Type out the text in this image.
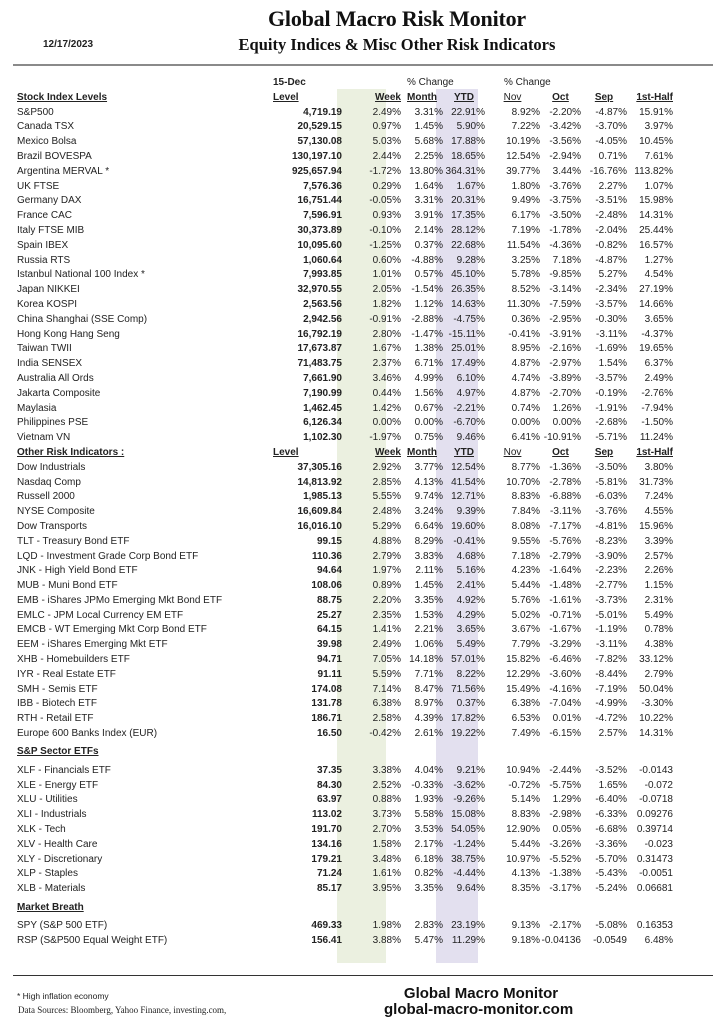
Global Macro Risk Monitor
12/17/2023	Equity Indices & Misc Other Risk Indicators
	15-Dec		% Change		% Change			
Stock Index Levels	Level	Week	Month	YTD	Nov	Oct	Sep	1st-Half
S&P500	4,719.19	2.49%	3.31%	22.91%	8.92%	-2.20%	-4.87%	15.91%
Canada TSX	20,529.15	0.97%	1.45%	5.90%	7.22%	-3.42%	-3.70%	3.97%
Mexico Bolsa	57,130.08	5.03%	5.68%	17.88%	10.19%	-3.56%	-4.05%	10.45%
Brazil BOVESPA	130,197.10	2.44%	2.25%	18.65%	12.54%	-2.94%	0.71%	7.61%
Argentina MERVAL *	925,657.94	-1.72%	13.80%	364.31%	39.77%	3.44%	-16.76%	113.82%
UK FTSE	7,576.36	0.29%	1.64%	1.67%	1.80%	-3.76%	2.27%	1.07%
Germany DAX	16,751.44	-0.05%	3.31%	20.31%	9.49%	-3.75%	-3.51%	15.98%
France CAC	7,596.91	0.93%	3.91%	17.35%	6.17%	-3.50%	-2.48%	14.31%
Italy FTSE MIB	30,373.89	-0.10%	2.14%	28.12%	7.19%	-1.78%	-2.04%	25.44%
Spain IBEX	10,095.60	-1.25%	0.37%	22.68%	11.54%	-4.36%	-0.82%	16.57%
Russia RTS	1,060.64	0.60%	-4.88%	9.28%	3.25%	7.18%	-4.87%	1.27%
Istanbul National 100 Index *	7,993.85	1.01%	0.57%	45.10%	5.78%	-9.85%	5.27%	4.54%
Japan NIKKEI	32,970.55	2.05%	-1.54%	26.35%	8.52%	-3.14%	-2.34%	27.19%
Korea KOSPI	2,563.56	1.82%	1.12%	14.63%	11.30%	-7.59%	-3.57%	14.66%
China Shanghai (SSE Comp)	2,942.56	-0.91%	-2.88%	-4.75%	0.36%	-2.95%	-0.30%	3.65%
Hong Kong Hang Seng	16,792.19	2.80%	-1.47%	-15.11%	-0.41%	-3.91%	-3.11%	-4.37%
Taiwan TWII	17,673.87	1.67%	1.38%	25.01%	8.95%	-2.16%	-1.69%	19.65%
India SENSEX	71,483.75	2.37%	6.71%	17.49%	4.87%	-2.97%	1.54%	6.37%
Australia All Ords	7,661.90	3.46%	4.99%	6.10%	4.74%	-3.89%	-3.57%	2.49%
Jakarta Composite	7,190.99	0.44%	1.56%	4.97%	4.87%	-2.70%	-0.19%	-2.76%
Maylasia	1,462.45	1.42%	0.67%	-2.21%	0.74%	1.26%	-1.91%	-7.94%
Philippines PSE	6,126.34	0.00%	0.00%	-6.70%	0.00%	0.00%	-2.68%	-1.50%
Vietnam VN	1,102.30	-1.97%	0.75%	9.46%	6.41%	-10.91%	-5.71%	11.24%
Other Risk Indicators :	Level	Week	Month	YTD	Nov	Oct	Sep	1st-Half
Dow Industrials	37,305.16	2.92%	3.77%	12.54%	8.77%	-1.36%	-3.50%	3.80%
Nasdaq Comp	14,813.92	2.85%	4.13%	41.54%	10.70%	-2.78%	-5.81%	31.73%
Russell 2000	1,985.13	5.55%	9.74%	12.71%	8.83%	-6.88%	-6.03%	7.24%
NYSE Composite	16,609.84	2.48%	3.24%	9.39%	7.84%	-3.11%	-3.76%	4.55%
Dow Transports	16,016.10	5.29%	6.64%	19.60%	8.08%	-7.17%	-4.81%	15.96%
TLT - Treasury Bond ETF	99.15	4.88%	8.29%	-0.41%	9.55%	-5.76%	-8.23%	3.39%
LQD - Investment Grade Corp Bond ETF	110.36	2.79%	3.83%	4.68%	7.18%	-2.79%	-3.90%	2.57%
JNK - High Yield Bond ETF	94.64	1.97%	2.11%	5.16%	4.23%	-1.64%	-2.23%	2.26%
MUB - Muni Bond ETF	108.06	0.89%	1.45%	2.41%	5.44%	-1.48%	-2.77%	1.15%
EMB - iShares JPMo Emerging Mkt Bond ETF	88.75	2.20%	3.35%	4.92%	5.76%	-1.61%	-3.73%	2.31%
EMLC - JPM Local Currency EM ETF	25.27	2.35%	1.53%	4.29%	5.02%	-0.71%	-5.01%	5.49%
EMCB - WT Emerging Mkt Corp Bond ETF	64.15	1.41%	2.21%	3.65%	3.67%	-1.67%	-1.19%	0.78%
EEM - iShares Emerging Mkt ETF	39.98	2.49%	1.06%	5.49%	7.79%	-3.29%	-3.11%	4.38%
XHB - Homebuilders ETF	94.71	7.05%	14.18%	57.01%	15.82%	-6.46%	-7.82%	33.12%
IYR - Real Estate ETF	91.11	5.59%	7.71%	8.22%	12.29%	-3.60%	-8.44%	2.79%
SMH - Semis ETF	174.08	7.14%	8.47%	71.56%	15.49%	-4.16%	-7.19%	50.04%
IBB - Biotech ETF	131.78	6.38%	8.97%	0.37%	6.38%	-7.04%	-4.99%	-3.30%
RTH - Retail ETF	186.71	2.58%	4.39%	17.82%	6.53%	0.01%	-4.72%	10.22%
Europe 600 Banks Index (EUR)	16.50	-0.42%	2.61%	19.22%	7.49%	-6.15%	2.57%	14.31%
S&P Sector ETFs								
XLF - Financials ETF	37.35	3.38%	4.04%	9.21%	10.94%	-2.44%	-3.52%	-0.0143
XLE - Energy ETF	84.30	2.52%	-0.33%	-3.62%	-0.72%	-5.75%	1.65%	-0.072
XLU - Utilities	63.97	0.88%	1.93%	-9.26%	5.14%	1.29%	-6.40%	-0.0718
XLI - Industrials	113.02	3.73%	5.58%	15.08%	8.83%	-2.98%	-6.33%	0.09276
XLK - Tech	191.70	2.70%	3.53%	54.05%	12.90%	0.05%	-6.68%	0.39714
XLV - Health Care	134.16	1.58%	2.17%	-1.24%	5.44%	-3.26%	-3.36%	-0.023
XLY - Discretionary	179.21	3.48%	6.18%	38.75%	10.97%	-5.52%	-5.70%	0.31473
XLP - Staples	71.24	1.61%	0.82%	-4.44%	4.13%	-1.38%	-5.43%	-0.0051
XLB - Materials	85.17	3.95%	3.35%	9.64%	8.35%	-3.17%	-5.24%	0.06681
Market Breath								
SPY (S&P 500 ETF)	469.33	1.98%	2.83%	23.19%	9.13%	-2.17%	-5.08%	0.16353
RSP (S&P500 Equal Weight ETF)	156.41	3.88%	5.47%	11.29%	9.18%	-0.04136	-0.0549	6.48%
* High inflation economy
Data Sources: Bloomberg, Yahoo Finance, investing.com,
Global Macro Monitor
global-macro-monitor.com
